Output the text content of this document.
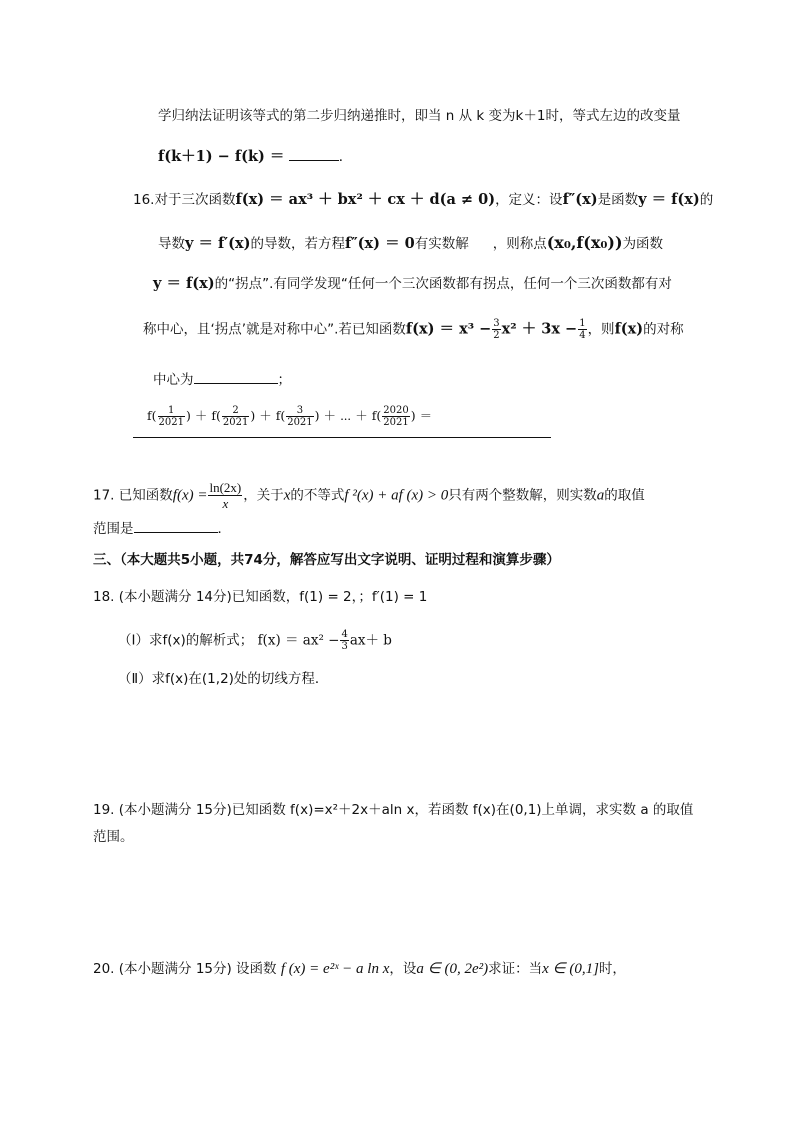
学归纳法证明该等式的第二步归纳递推时，即当 n 从 k 变为k＋1时，等式左边的改变量
f(k＋1) − f(k) ＝	．
16.对于三次函数f(x) ＝ ax³ ＋ bx² ＋ cx ＋ d(a ≠ 0)，定义：设f″(x)是函数y ＝ f(x)的
导数y ＝ f′(x)的导数，若方程f″(x) ＝ 0有实数解 ，则称点(x₀,f(x₀))为函数
y ＝ f(x)的“拐点”.有同学发现“任何一个三次函数都有拐点，任何一个三次函数都有对
称中心，且‘拐点’就是对称中心”.若已知函数$f(x) = x^3 - \frac{3}{2} x^2 + 3x - \frac{1}{4}$ ，则f(x)的对称
中心为	；
$f( \frac{1}{2021}$ ) ＋ $f( \frac{2}{2021}$ ) ＋ $f( \frac{3}{2021}$ ) ＋ ⋯ ＋ $f( \frac{2020}{2021}$ ) ＝
17. 已知函数$f(x) = \frac{\ln(2x)}{x}$ ，关于x的不等式f ²(x) + af (x) > 0只有两个整数解，则实数a的取值
范围是	．
三、（本大题共5小题，共74分，解答应写出文字说明、证明过程和演算步骤）
18. (本小题满分 14分)已知函数，f(1) = 2，；f′(1) = 1
（Ⅰ）求f(x)的解析式； $f(x) = ax^2 - \frac{4}{3} ax+ b$
（Ⅱ）求f(x)在(1,2)处的切线方程．
19. (本小题满分 15分)已知函数 f(x)=x²＋2x＋aln x，若函数 f(x)在(0,1)上单调，求实数 a 的取值
范围。
20. (本小题满分 15分) 设函数 f (x) = e²ˣ − a ln x，设a ∈ (0, 2e²)求证：当x ∈ (0,1]时，
